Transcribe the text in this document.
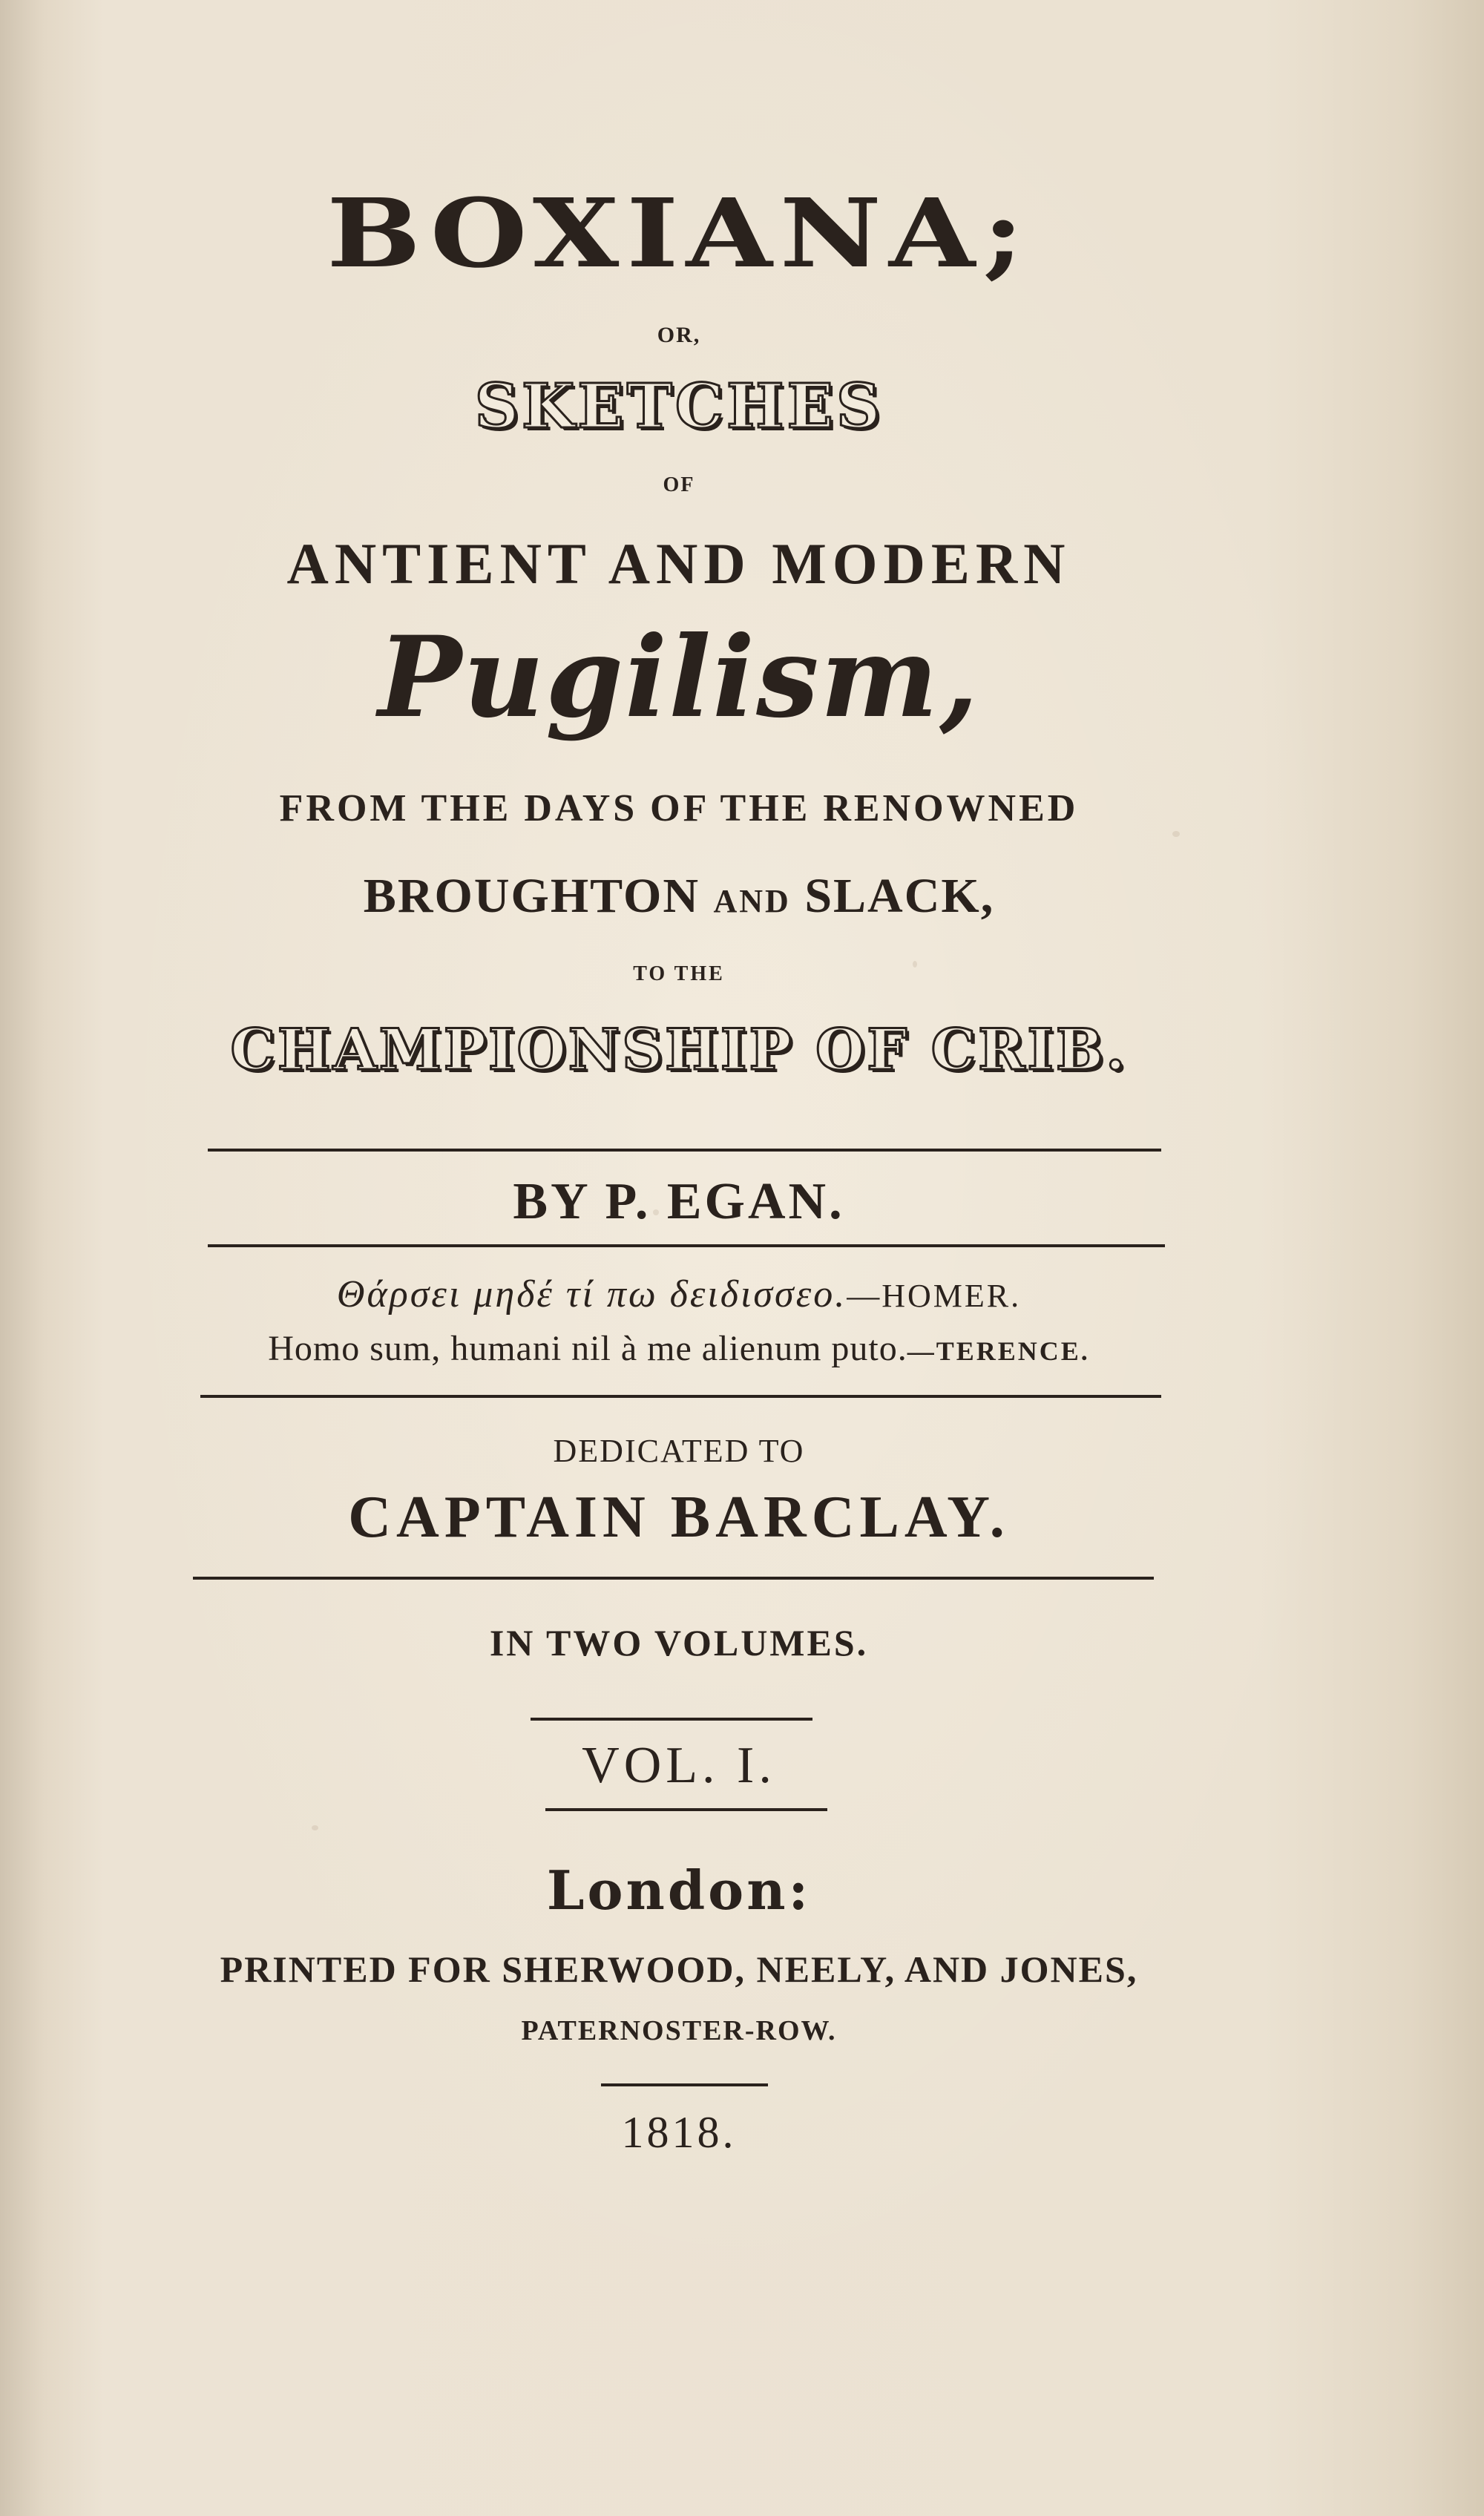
BOXIANA;
OR,
SKETCHES
OF
ANTIENT AND MODERN
Pugilism,
FROM THE DAYS OF THE RENOWNED
BROUGHTON AND SLACK,
TO THE
CHAMPIONSHIP OF CRIB.
BY P. EGAN.
Θάρσει μηδέ τί πω δειδισσεο.—HOMER.
Homo sum, humani nil à me alienum puto.—TERENCE.
DEDICATED TO
CAPTAIN BARCLAY.
IN TWO VOLUMES.
VOL. I.
London:
PRINTED FOR SHERWOOD, NEELY, AND JONES,
PATERNOSTER-ROW.
1818.
